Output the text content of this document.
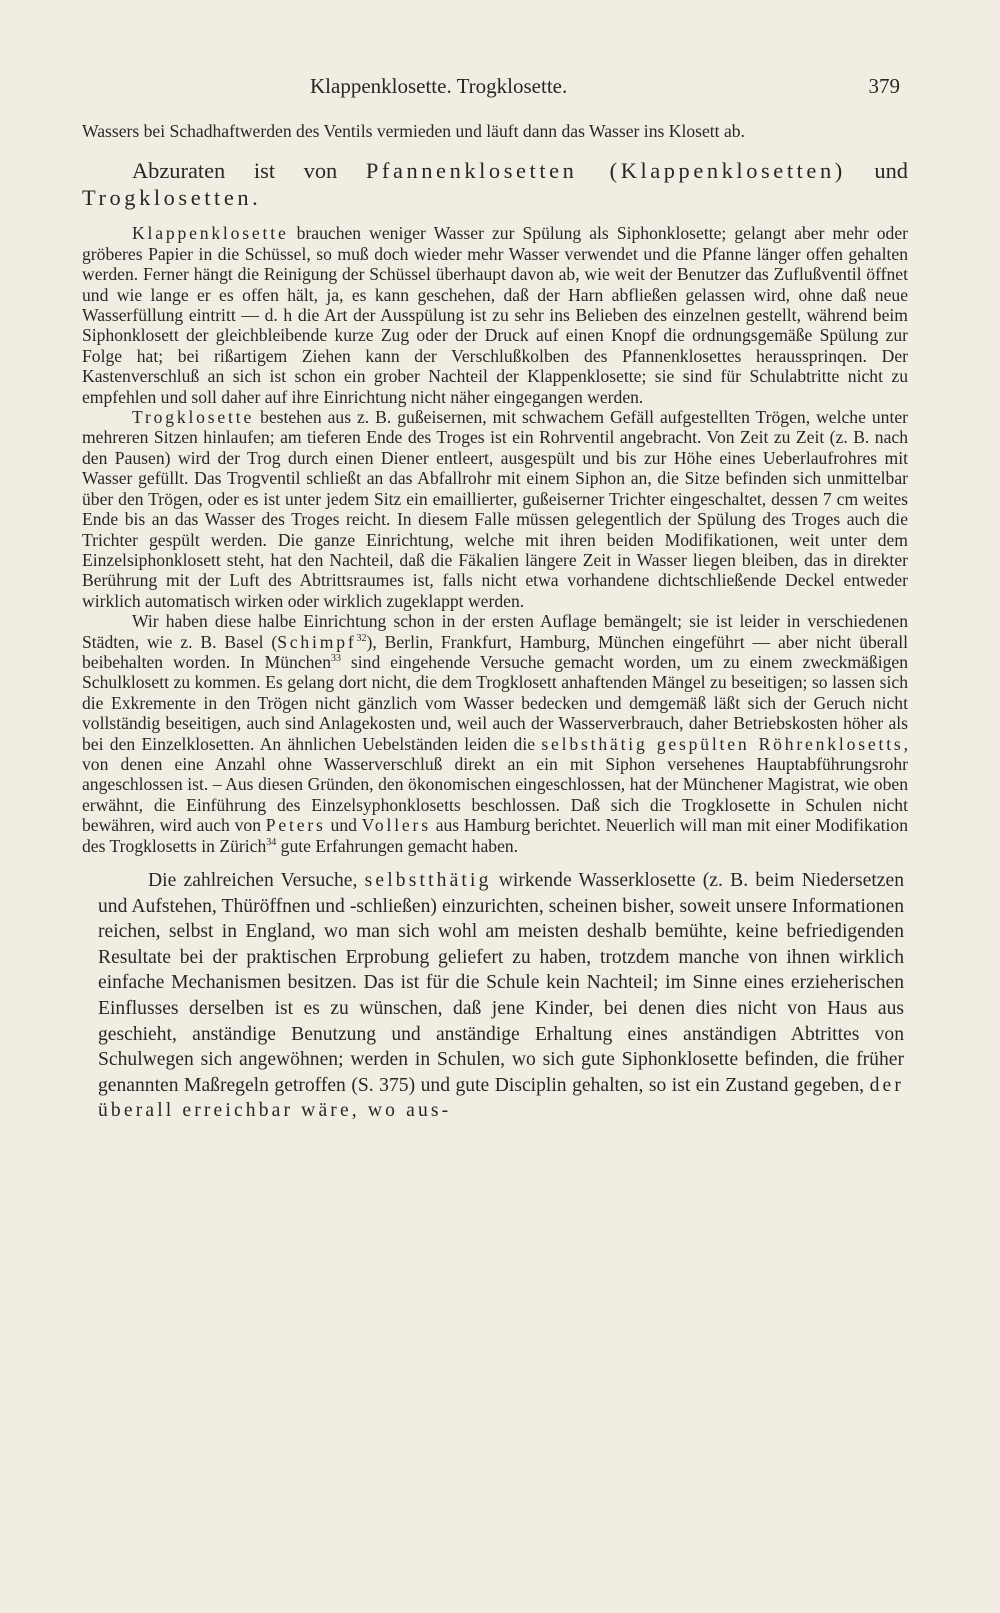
Klappenklosette. Trogklosette.	379

Wassers bei Schadhaftwerden des Ventils vermieden und läuft dann das Wasser ins Klosett ab.

Abzuraten ist von Pfannenklosetten (Klappenklosetten) und Trogklosetten.

Klappenklosette brauchen weniger Wasser zur Spülung als Siphonklosette; gelangt aber mehr oder gröberes Papier in die Schüssel, so muß doch wieder mehr Wasser verwendet und die Pfanne länger offen gehalten werden. Ferner hängt die Reinigung der Schüssel überhaupt davon ab, wie weit der Benutzer das Zuflußventil öffnet und wie lange er es offen hält, ja, es kann geschehen, daß der Harn abfließen gelassen wird, ohne daß neue Wasserfüllung eintritt — d. h die Art der Ausspülung ist zu sehr ins Belieben des einzelnen gestellt, während beim Siphonklosett der gleichbleibende kurze Zug oder der Druck auf einen Knopf die ordnungsgemäße Spülung zur Folge hat; bei rißartigem Ziehen kann der Verschlußkolben des Pfannenklosettes heraussprinqen. Der Kastenverschluß an sich ist schon ein grober Nachteil der Klappenklosette; sie sind für Schulabtritte nicht zu empfehlen und soll daher auf ihre Einrichtung nicht näher eingegangen werden.

Trogklosette bestehen aus z. B. gußeisernen, mit schwachem Gefäll aufgestellten Trögen, welche unter mehreren Sitzen hinlaufen; am tieferen Ende des Troges ist ein Rohrventil angebracht. Von Zeit zu Zeit (z. B. nach den Pausen) wird der Trog durch einen Diener entleert, ausgespült und bis zur Höhe eines Ueberlaufrohres mit Wasser gefüllt. Das Trogventil schließt an das Abfallrohr mit einem Siphon an, die Sitze befinden sich unmittelbar über den Trögen, oder es ist unter jedem Sitz ein emaillierter, gußeiserner Trichter eingeschaltet, dessen 7 cm weites Ende bis an das Wasser des Troges reicht. In diesem Falle müssen gelegentlich der Spülung des Troges auch die Trichter gespült werden. Die ganze Einrichtung, welche mit ihren beiden Modifikationen, weit unter dem Einzelsiphonklosett steht, hat den Nachteil, daß die Fäkalien längere Zeit in Wasser liegen bleiben, das in direkter Berührung mit der Luft des Abtrittsraumes ist, falls nicht etwa vorhandene dichtschließende Deckel entweder wirklich automatisch wirken oder wirklich zugeklappt werden.

Wir haben diese halbe Einrichtung schon in der ersten Auflage bemängelt; sie ist leider in verschiedenen Städten, wie z. B. Basel (Schimpf$^{32}$), Berlin, Frankfurt, Hamburg, München eingeführt — aber nicht überall beibehalten worden. In München$^{33}$ sind eingehende Versuche gemacht worden, um zu einem zweckmäßigen Schulklosett zu kommen. Es gelang dort nicht, die dem Trogklosett anhaftenden Mängel zu beseitigen; so lassen sich die Exkremente in den Trögen nicht gänzlich vom Wasser bedecken und demgemäß läßt sich der Geruch nicht vollständig beseitigen, auch sind Anlagekosten und, weil auch der Wasserverbrauch, daher Betriebskosten höher als bei den Einzelklosetten. An ähnlichen Uebelständen leiden die selbsthätig gespülten Röhrenklosetts, von denen eine Anzahl ohne Wasserverschluß direkt an ein mit Siphon versehenes Hauptabführungsrohr angeschlossen ist. – Aus diesen Gründen, den ökonomischen eingeschlossen, hat der Münchener Magistrat, wie oben erwähnt, die Einführung des Einzelsyphonklosetts beschlossen. Daß sich die Trogklosette in Schulen nicht bewähren, wird auch von Peters und Vollers aus Hamburg berichtet. Neuerlich will man mit einer Modifikation des Trogklosetts in Zürich$^{34}$ gute Erfahrungen gemacht haben.

Die zahlreichen Versuche, selbstthätig wirkende Wasserklosette (z. B. beim Niedersetzen und Aufstehen, Thüröffnen und -schließen) einzurichten, scheinen bisher, soweit unsere Informationen reichen, selbst in England, wo man sich wohl am meisten deshalb bemühte, keine befriedigenden Resultate bei der praktischen Erprobung geliefert zu haben, trotzdem manche von ihnen wirklich einfache Mechanismen besitzen. Das ist für die Schule kein Nachteil; im Sinne eines erzieherischen Einflusses derselben ist es zu wünschen, daß jene Kinder, bei denen dies nicht von Haus aus geschieht, anständige Benutzung und anständige Erhaltung eines anständigen Abtrittes von Schulwegen sich angewöhnen; werden in Schulen, wo sich gute Siphonklosette befinden, die früher genannten Maßregeln getroffen (S. 375) und gute Disciplin gehalten, so ist ein Zustand gegeben, der überall erreichbar wäre, wo aus-
